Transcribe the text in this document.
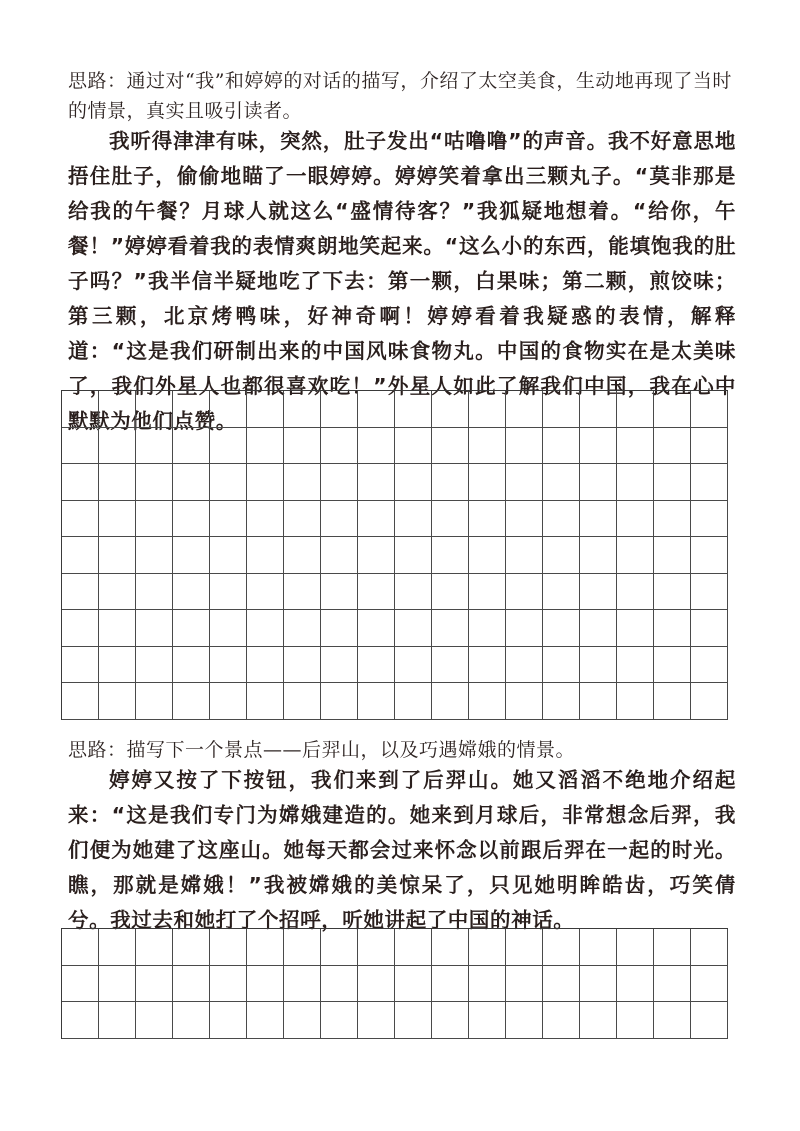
思路：通过对“我”和婷婷的对话的描写，介绍了太空美食，生动地再现了当时的情景，真实且吸引读者。
我听得津津有味，突然，肚子发出“咕噜噜”的声音。我不好意思地捂住肚子，偷偷地瞄了一眼婷婷。婷婷笑着拿出三颗丸子。“莫非那是给我的午餐？月球人就这么“盛情待客？”我狐疑地想着。“给你，午餐！”婷婷看着我的表情爽朗地笑起来。“这么小的东西，能填饱我的肚子吗？”我半信半疑地吃了下去：第一颗，白果味；第二颗，煎饺味；第三颗，北京烤鸭味，好神奇啊！婷婷看着我疑惑的表情，解释道：“这是我们研制出来的中国风味食物丸。中国的食物实在是太美味了，我们外星人也都很喜欢吃！”外星人如此了解我们中国，我在心中默默为他们点赞。
思路：描写下一个景点——后羿山，以及巧遇嫦娥的情景。
婷婷又按了下按钮，我们来到了后羿山。她又滔滔不绝地介绍起来：“这是我们专门为嫦娥建造的。她来到月球后，非常想念后羿，我们便为她建了这座山。她每天都会过来怀念以前跟后羿在一起的时光。瞧，那就是嫦娥！”我被嫦娥的美惊呆了，只见她明眸皓齿，巧笑倩兮。我过去和她打了个招呼，听她讲起了中国的神话。
